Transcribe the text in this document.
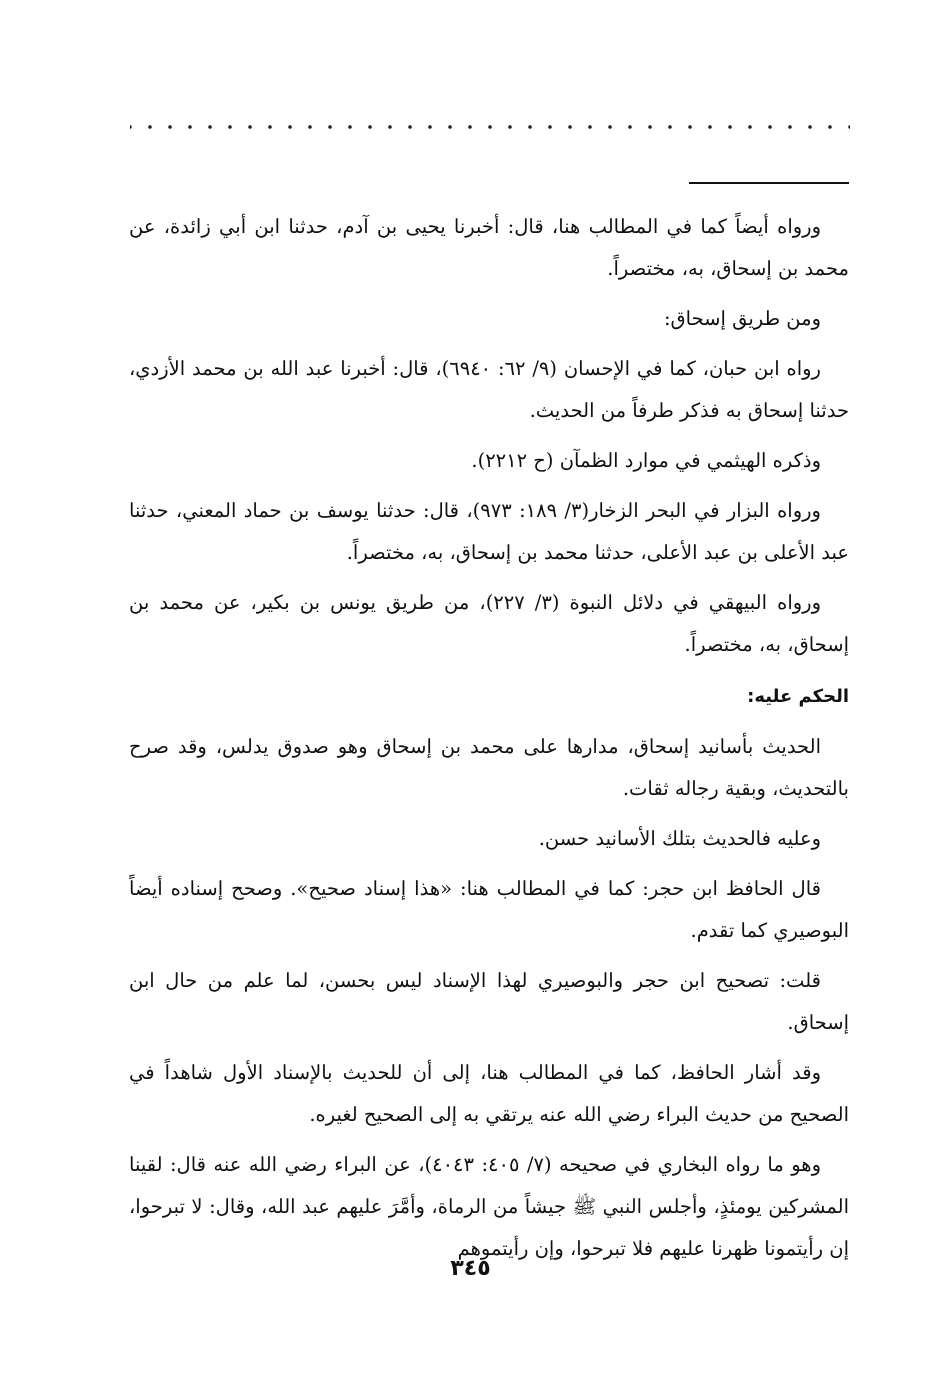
ورواه أيضاً كما في المطالب هنا، قال: أخبرنا يحيى بن آدم، حدثنا ابن أبي زائدة، عن محمد بن إسحاق، به، مختصراً.

ومن طريق إسحاق:

رواه ابن حبان، كما في الإحسان (٩/ ٦٢: ٦٩٤٠)، قال: أخبرنا عبد الله بن محمد الأزدي، حدثنا إسحاق به فذكر طرفاً من الحديث.

وذكره الهيثمي في موارد الظمآن (ح ٢٢١٢).

ورواه البزار في البحر الزخار(٣/ ١٨٩: ٩٧٣)، قال: حدثنا يوسف بن حماد المعني، حدثنا عبد الأعلى بن عبد الأعلى، حدثنا محمد بن إسحاق، به، مختصراً.

ورواه البيهقي في دلائل النبوة (٣/ ٢٢٧)، من طريق يونس بن بكير، عن محمد بن إسحاق، به، مختصراً.

الحكم عليه:

الحديث بأسانيد إسحاق، مدارها على محمد بن إسحاق وهو صدوق يدلس، وقد صرح بالتحديث، وبقية رجاله ثقات.

وعليه فالحديث بتلك الأسانيد حسن.

قال الحافظ ابن حجر: كما في المطالب هنا: «هذا إسناد صحيح». وصحح إسناده أيضاً البوصيري كما تقدم.

قلت: تصحيح ابن حجر والبوصيري لهذا الإسناد ليس بحسن، لما علم من حال ابن إسحاق.

وقد أشار الحافظ، كما في المطالب هنا، إلى أن للحديث بالإسناد الأول شاهداً في الصحيح من حديث البراء رضي الله عنه يرتقي به إلى الصحيح لغيره.

وهو ما رواه البخاري في صحيحه (٧/ ٤٠٥: ٤٠٤٣)، عن البراء رضي الله عنه قال: لقينا المشركين يومئذٍ، وأجلس النبي ﷺ جيشاً من الرماة، وأمَّرَ عليهم عبد الله، وقال: لا تبرحوا، إن رأيتمونا ظهرنا عليهم فلا تبرحوا، وإن رأيتموهم

٣٤٥
